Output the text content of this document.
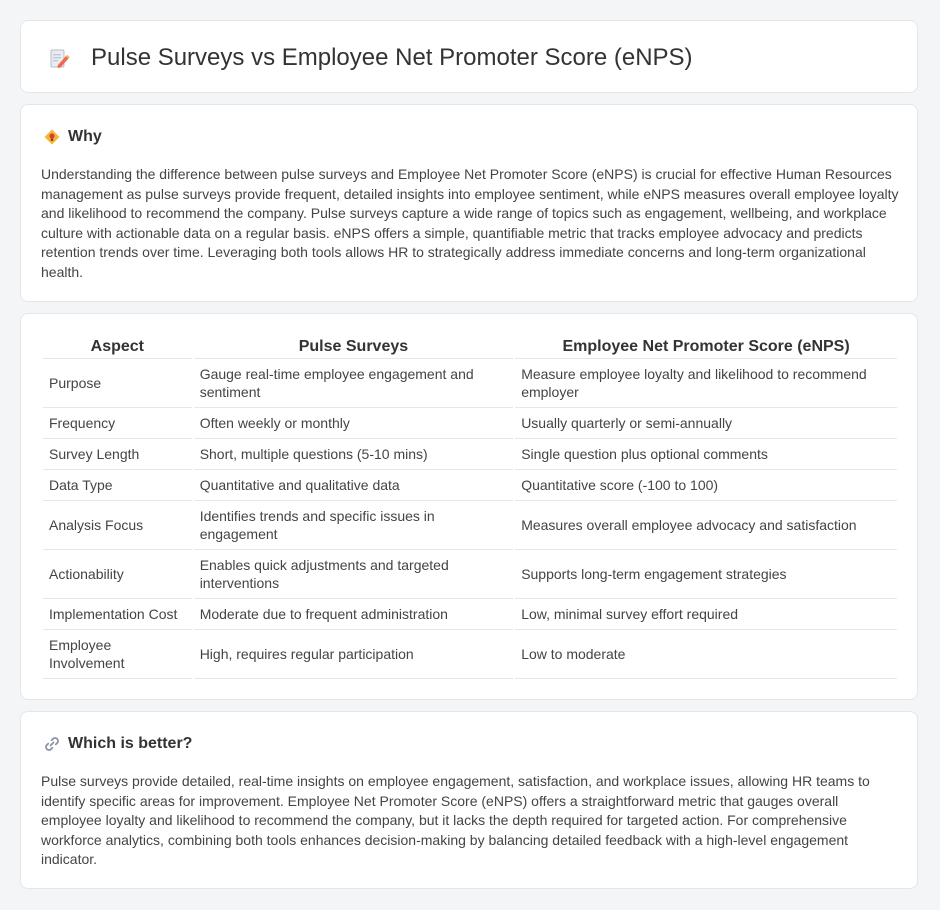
Pulse Surveys vs Employee Net Promoter Score (eNPS)
Why

Understanding the difference between pulse surveys and Employee Net Promoter Score (eNPS) is crucial for effective Human Resources management as pulse surveys provide frequent, detailed insights into employee sentiment, while eNPS measures overall employee loyalty and likelihood to recommend the company. Pulse surveys capture a wide range of topics such as engagement, wellbeing, and workplace culture with actionable data on a regular basis. eNPS offers a simple, quantifiable metric that tracks employee advocacy and predicts retention trends over time. Leveraging both tools allows HR to strategically address immediate concerns and long-term organizational health.

Aspect	Pulse Surveys	Employee Net Promoter Score (eNPS)
Purpose	Gauge real-time employee engagement and sentiment	Measure employee loyalty and likelihood to recommend employer
Frequency	Often weekly or monthly	Usually quarterly or semi-annually
Survey Length	Short, multiple questions (5-10 mins)	Single question plus optional comments
Data Type	Quantitative and qualitative data	Quantitative score (-100 to 100)
Analysis Focus	Identifies trends and specific issues in engagement	Measures overall employee advocacy and satisfaction
Actionability	Enables quick adjustments and targeted interventions	Supports long-term engagement strategies
Implementation Cost	Moderate due to frequent administration	Low, minimal survey effort required
Employee Involvement	High, requires regular participation	Low to moderate
Which is better?

Pulse surveys provide detailed, real-time insights on employee engagement, satisfaction, and workplace issues, allowing HR teams to identify specific areas for improvement. Employee Net Promoter Score (eNPS) offers a straightforward metric that gauges overall employee loyalty and likelihood to recommend the company, but it lacks the depth required for targeted action. For comprehensive workforce analytics, combining both tools enhances decision-making by balancing detailed feedback with a high-level engagement indicator.
